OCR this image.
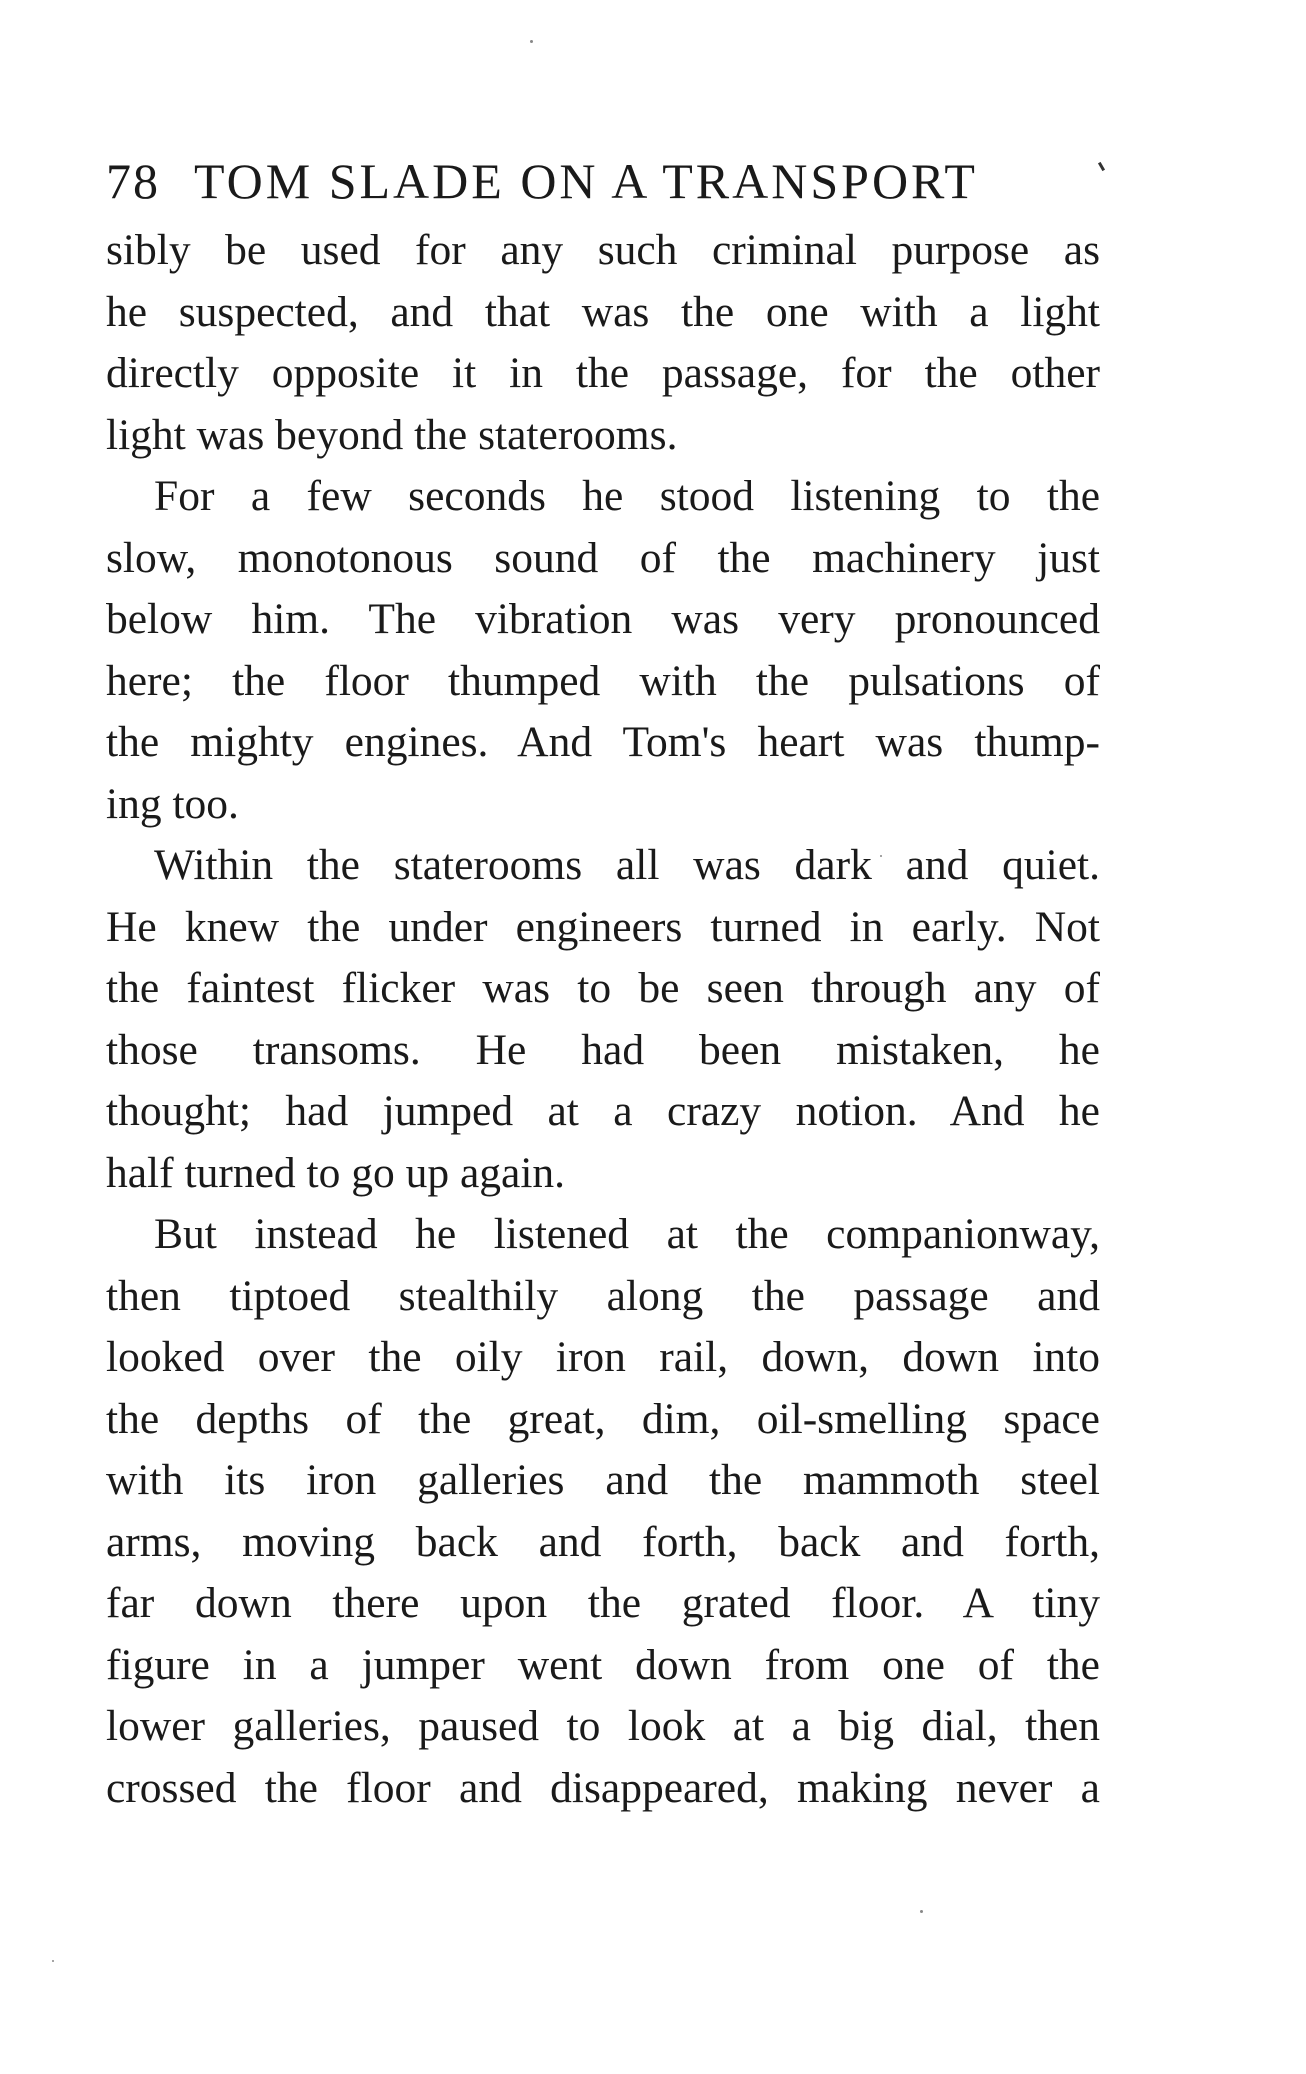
78 TOM SLADE ON A TRANSPORT

sibly be used for any such criminal purpose as
he suspected, and that was the one with a light
directly opposite it in the passage, for the other
light was beyond the staterooms.

For a few seconds he stood listening to the
slow, monotonous sound of the machinery just
below him. The vibration was very pronounced
here; the floor thumped with the pulsations of
the mighty engines. And Tom's heart was thump-
ing too.

Within the staterooms all was dark and quiet.
He knew the under engineers turned in early. Not
the faintest flicker was to be seen through any of
those transoms. He had been mistaken, he
thought; had jumped at a crazy notion. And he
half turned to go up again.

But instead he listened at the companionway,
then tiptoed stealthily along the passage and
looked over the oily iron rail, down, down into
the depths of the great, dim, oil-smelling space
with its iron galleries and the mammoth steel
arms, moving back and forth, back and forth,
far down there upon the grated floor. A tiny
figure in a jumper went down from one of the
lower galleries, paused to look at a big dial, then
crossed the floor and disappeared, making never a
